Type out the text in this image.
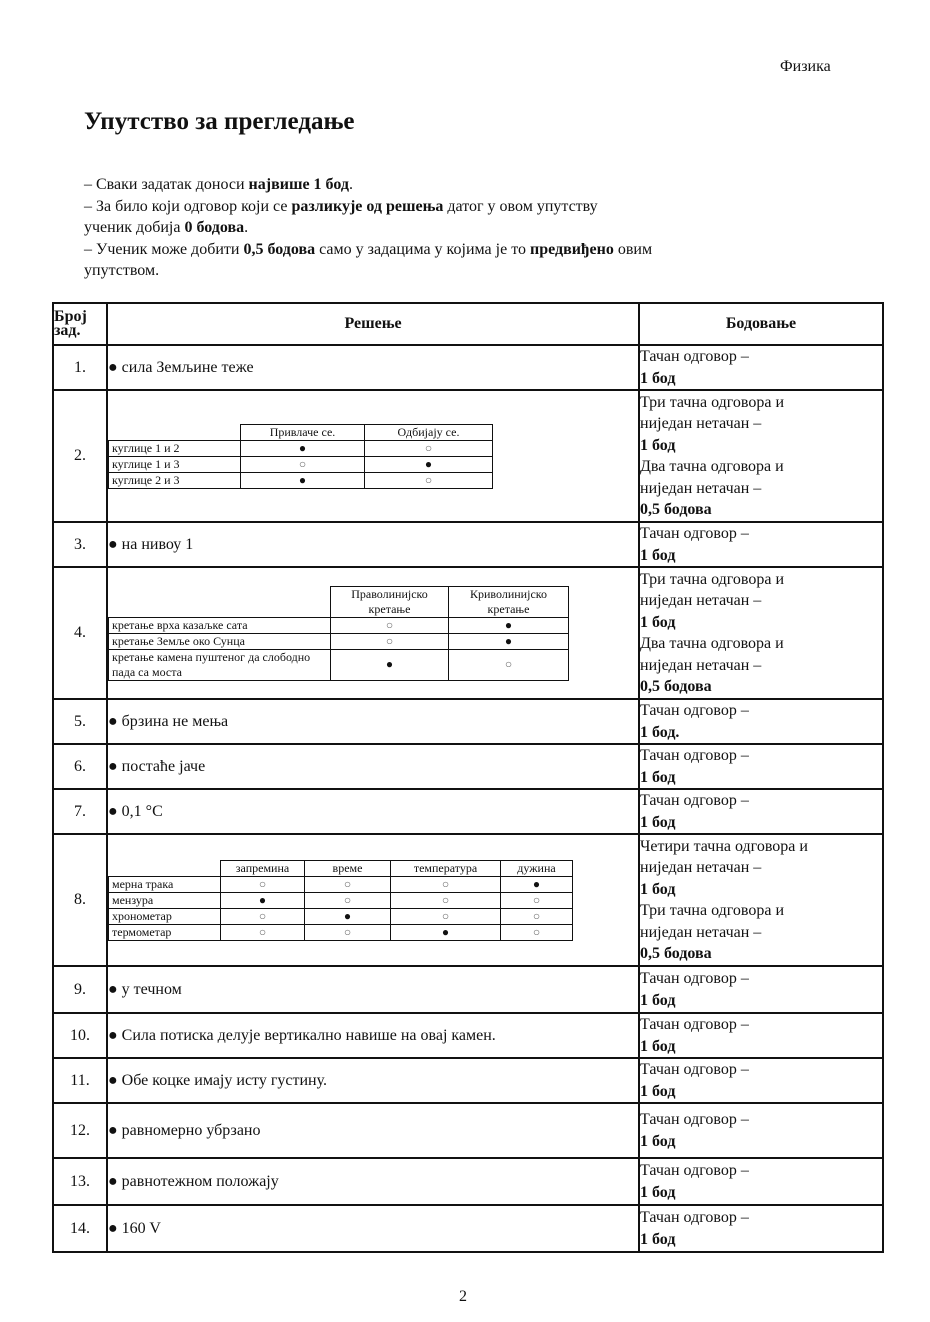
Физика
Упутство за прегледање

– Сваки задатак доноси највише 1 бод.

– За било који одговор који се разликује од решења датог у овом упутству

ученик добија 0 бодова.

– Ученик може добити 0,5 бодова само у задацима у којима је то предвиђено овим

упутством.

Број зад.	Решење	Бодовање
1.	● сила Земљине теже	
Тачан одговор –
1 бод

2.	
	Привлаче се.	Одбијају се.
куглице 1 и 2	●	○
куглице 1 и 3	○	●
куглице 2 и 3	●	○

Три тачна одговора и
ниједан нетачан –
1 бод
Два тачна одговора и
ниједан нетачан –
0,5 бодова

3.	● на нивоу 1	
Тачан одговор –
1 бод

4.	
	Праволинијско кретање	Криволинијско кретање
кретање врха казаљке сата	○	●
кретање Земље око Сунца	○	●
кретање камена пуштеног да слободно пада са моста	●	○

Три тачна одговора и
ниједан нетачан –
1 бод
Два тачна одговора и
ниједан нетачан –
0,5 бодова

5.	● брзина не мења	
Тачан одговор –
1 бод.

6.	● постаће јаче	
Тачан одговор –
1 бод

7.	● 0,1 °C	
Тачан одговор –
1 бод

8.	
	запремина	време	температура	дужина
мерна трака	○	○	○	●
мензура	●	○	○	○
хронометар	○	●	○	○
термометар	○	○	●	○

Четири тачна одговора и
ниједан нетачан –
1 бод
Три тачна одговора и
ниједан нетачан –
0,5 бодова

9.	● у течном	
Тачан одговор –
1 бод

10.	● Сила потиска делује вертикално навише на овај камен.	
Тачан одговор –
1 бод

11.	● Обе коцке имају исту густину.	
Тачан одговор –
1 бод

12.	● равномерно убрзано	
Тачан одговор –
1 бод

13.	● равнотежном положају	
Тачан одговор –
1 бод

14.	● 160 V	
Тачан одговор –
1 бод
2
